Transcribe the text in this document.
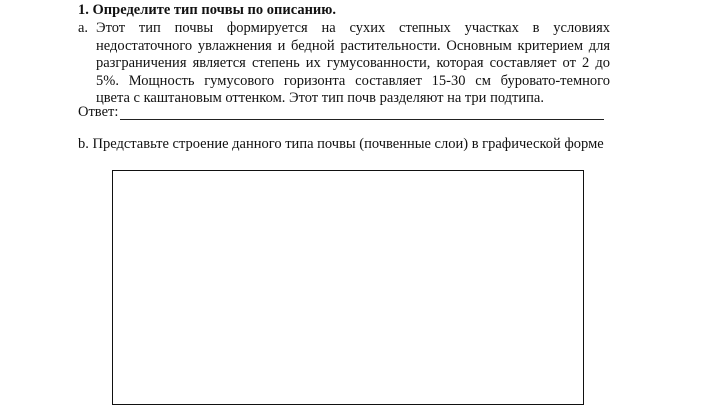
1. Определите тип почвы по описанию.
a. Этот тип почвы формируется на сухих степных участках в условиях
недостаточного увлажнения и бедной растительности. Основным критерием для
разграничения является степень их гумусованности, которая составляет от 2 до
5%. Мощность гумусового горизонта составляет 15-30 см буровато-темного
цвета с каштановым оттенком. Этот тип почв разделяют на три подтипа.
Ответ:
b. Представьте строение данного типа почвы (почвенные слои) в графической форме
